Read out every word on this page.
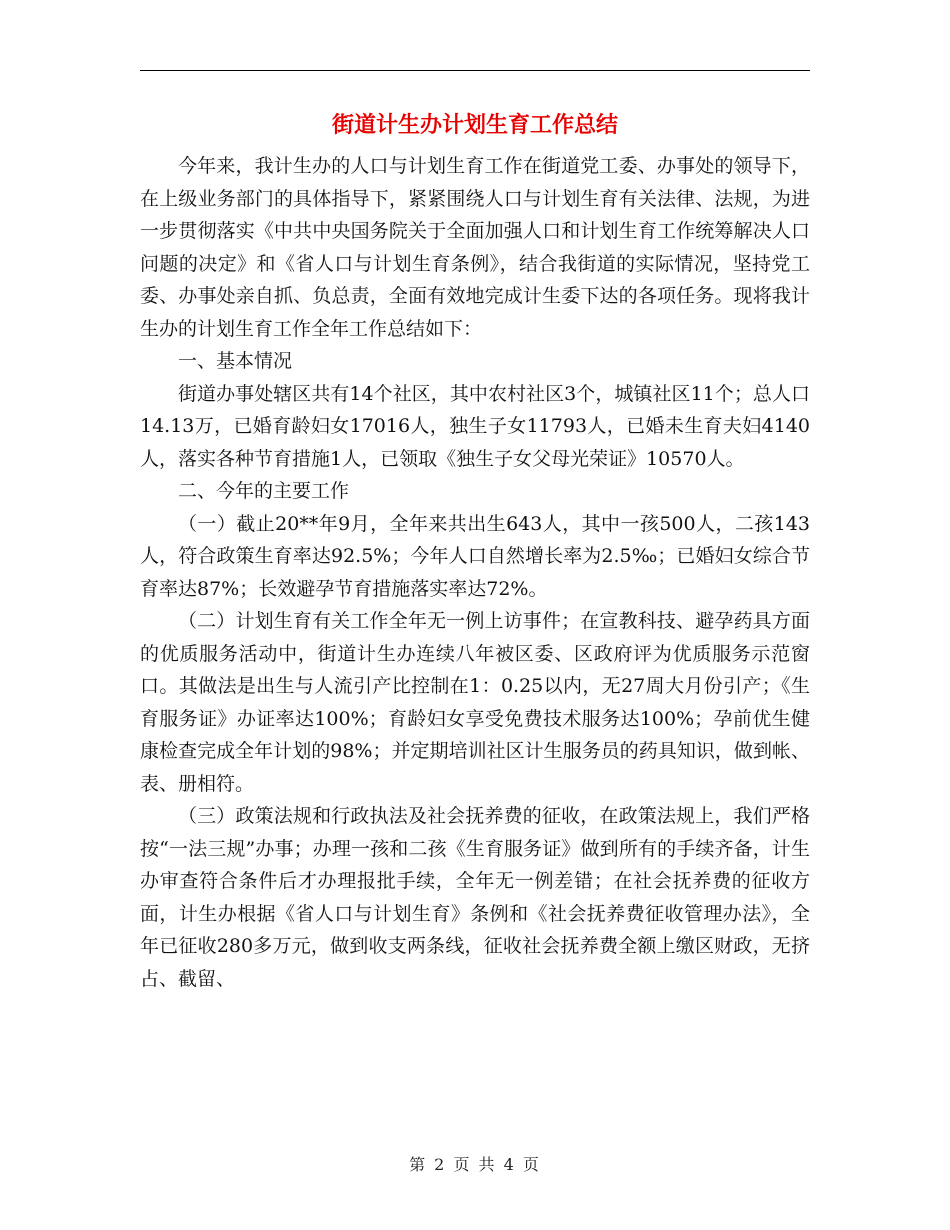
街道计生办计划生育工作总结

今年来，我计生办的人口与计划生育工作在街道党工委、办事处的领导下，在上级业务部门的具体指导下，紧紧围绕人口与计划生育有关法律、法规，为进一步贯彻落实《中共中央国务院关于全面加强人口和计划生育工作统筹解决人口问题的决定》和《省人口与计划生育条例》，结合我街道的实际情况，坚持党工委、办事处亲自抓、负总责，全面有效地完成计生委下达的各项任务。现将我计生办的计划生育工作全年工作总结如下：

一、基本情况

街道办事处辖区共有14个社区，其中农村社区3个，城镇社区11个；总人口14.13万，已婚育龄妇女17016人，独生子女11793人，已婚未生育夫妇4140人，落实各种节育措施1人，已领取《独生子女父母光荣证》10570人。

二、今年的主要工作

（一）截止20**年9月，全年来共出生643人，其中一孩500人，二孩143人，符合政策生育率达92.5%；今年人口自然增长率为2.5‰；已婚妇女综合节育率达87%；长效避孕节育措施落实率达72%。

（二）计划生育有关工作全年无一例上访事件；在宣教科技、避孕药具方面的优质服务活动中，街道计生办连续八年被区委、区政府评为优质服务示范窗口。其做法是出生与人流引产比控制在1：0.25以内，无27周大月份引产；《生育服务证》办证率达100%；育龄妇女享受免费技术服务达100%；孕前优生健康检查完成全年计划的98%；并定期培训社区计生服务员的药具知识，做到帐、表、册相符。

（三）政策法规和行政执法及社会抚养费的征收，在政策法规上，我们严格按“一法三规”办事；办理一孩和二孩《生育服务证》做到所有的手续齐备，计生办审查符合条件后才办理报批手续，全年无一例差错；在社会抚养费的征收方面，计生办根据《省人口与计划生育》条例和《社会抚养费征收管理办法》，全年已征收280多万元，做到收支两条线，征收社会抚养费全额上缴区财政，无挤占、截留、

第 2 页 共 4 页
